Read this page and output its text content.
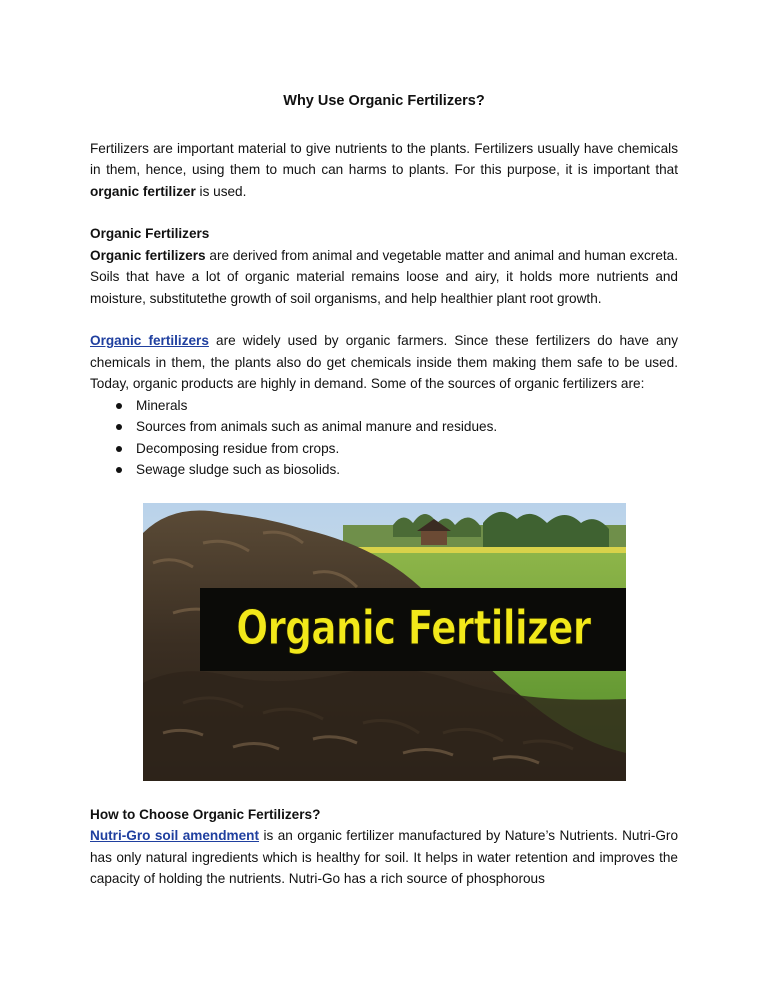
Why Use Organic Fertilizers?

Fertilizers are important material to give nutrients to the plants. Fertilizers usually have chemicals in them, hence, using them to much can harms to plants. For this purpose, it is important that organic fertilizer is used.

Organic Fertilizers

Organic fertilizers are derived from animal and vegetable matter and animal and human excreta. Soils that have a lot of organic material remains loose and airy, it holds more nutrients and moisture, substitutethe growth of soil organisms, and help healthier plant root growth.

Organic fertilizers are widely used by organic farmers. Since these fertilizers do have any chemicals in them, the plants also do get chemicals inside them making them safe to be used. Today, organic products are highly in demand. Some of the sources of organic fertilizers are:

Minerals
Sources from animals such as animal manure and residues.
Decomposing residue from crops.
Sewage sludge such as biosolids.
Organic Fertilizer

How to Choose Organic Fertilizers?

Nutri-Gro soil amendment is an organic fertilizer manufactured by Nature’s Nutrients. Nutri-Gro has only natural ingredients which is healthy for soil. It helps in water retention and improves the capacity of holding the nutrients. Nutri-Go has a rich source of phosphorous
